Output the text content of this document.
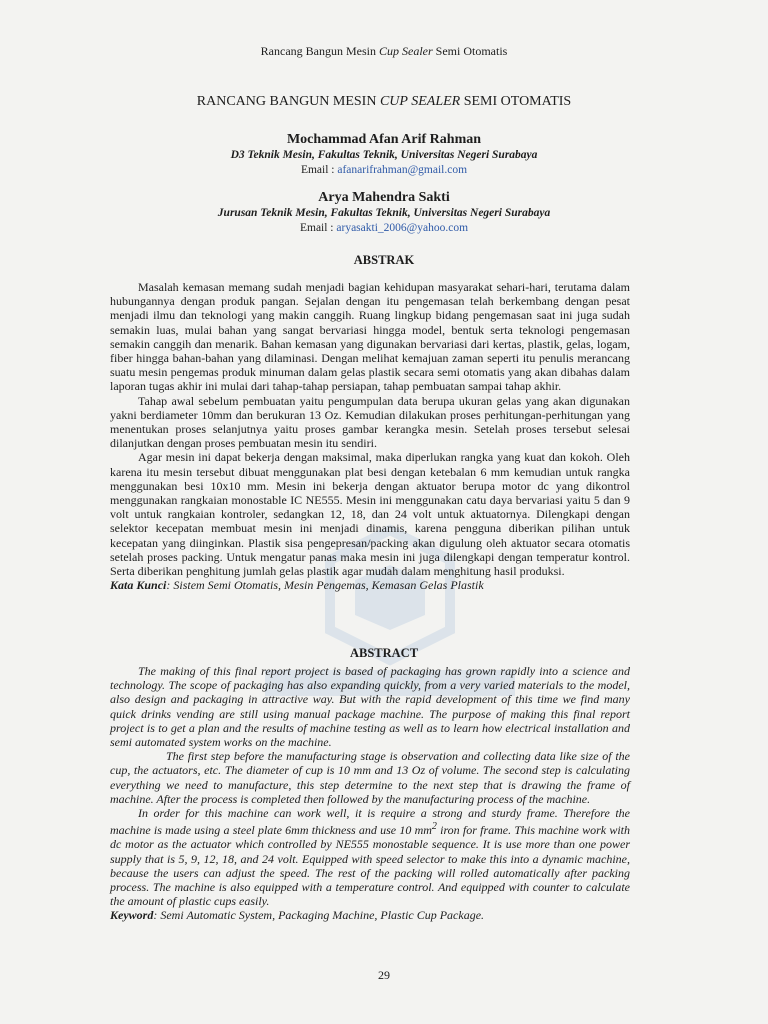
Rancang Bangun Mesin Cup Sealer Semi Otomatis
RANCANG BANGUN MESIN CUP SEALER SEMI OTOMATIS
Mochammad Afan Arif Rahman
D3 Teknik Mesin, Fakultas Teknik, Universitas Negeri Surabaya
Email : afanarifrahman@gmail.com
Arya Mahendra Sakti
Jurusan Teknik Mesin, Fakultas Teknik, Universitas Negeri Surabaya
Email : aryasakti_2006@yahoo.com
ABSTRAK

Masalah kemasan memang sudah menjadi bagian kehidupan masyarakat sehari-hari, terutama dalam hubungannya dengan produk pangan. Sejalan dengan itu pengemasan telah berkembang dengan pesat menjadi ilmu dan teknologi yang makin canggih. Ruang lingkup bidang pengemasan saat ini juga sudah semakin luas, mulai bahan yang sangat bervariasi hingga model, bentuk serta teknologi pengemasan semakin canggih dan menarik. Bahan kemasan yang digunakan bervariasi dari kertas, plastik, gelas, logam, fiber hingga bahan-bahan yang dilaminasi. Dengan melihat kemajuan zaman seperti itu penulis merancang suatu mesin pengemas produk minuman dalam gelas plastik secara semi otomatis yang akan dibahas dalam laporan tugas akhir ini mulai dari tahap-tahap persiapan, tahap pembuatan sampai tahap akhir.

Tahap awal sebelum pembuatan yaitu pengumpulan data berupa ukuran gelas yang akan digunakan yakni berdiameter 10mm dan berukuran 13 Oz. Kemudian dilakukan proses perhitungan-perhitungan yang menentukan proses selanjutnya yaitu proses gambar kerangka mesin. Setelah proses tersebut selesai dilanjutkan dengan proses pembuatan mesin itu sendiri.

Agar mesin ini dapat bekerja dengan maksimal, maka diperlukan rangka yang kuat dan kokoh. Oleh karena itu mesin tersebut dibuat menggunakan plat besi dengan ketebalan 6 mm kemudian untuk rangka menggunakan besi 10x10 mm. Mesin ini bekerja dengan aktuator berupa motor dc yang dikontrol menggunakan rangkaian monostable IC NE555. Mesin ini menggunakan catu daya bervariasi yaitu 5 dan 9 volt untuk rangkaian kontroler, sedangkan 12, 18, dan 24 volt untuk aktuatornya. Dilengkapi dengan selektor kecepatan membuat mesin ini menjadi dinamis, karena pengguna diberikan pilihan untuk kecepatan yang diinginkan. Plastik sisa pengepresan/packing akan digulung oleh aktuator secara otomatis setelah proses packing. Untuk mengatur panas maka mesin ini juga dilengkapi dengan temperatur kontrol. Serta diberikan penghitung jumlah gelas plastik agar mudah dalam menghitung hasil produksi.

Kata Kunci: Sistem Semi Otomatis, Mesin Pengemas, Kemasan Gelas Plastik

ABSTRACT

The making of this final report project is based of packaging has grown rapidly into a science and technology. The scope of packaging has also expanding quickly, from a very varied materials to the model, also design and packaging in attractive way. But with the rapid development of this time we find many quick drinks vending are still using manual package machine. The purpose of making this final report project is to get a plan and the results of machine testing as well as to learn how electrical installation and semi automated system works on the machine.

The first step before the manufacturing stage is observation and collecting data like size of the cup, the actuators, etc. The diameter of cup is 10 mm and 13 Oz of volume. The second step is calculating everything we need to manufacture, this step determine to the next step that is drawing the frame of machine. After the process is completed then followed by the manufacturing process of the machine.

In order for this machine can work well, it is require a strong and sturdy frame. Therefore the machine is made using a steel plate 6mm thickness and use 10 $mm^2$ iron for frame. This machine work with dc motor as the actuator which controlled by NE555 monostable sequence. It is use more than one power supply that is 5, 9, 12, 18, and 24 volt. Equipped with speed selector to make this into a dynamic machine, because the users can adjust the speed. The rest of the packing will rolled automatically after packing process. The machine is also equipped with a temperature control. And equipped with counter to calculate the amount of plastic cups easily.

Keyword: Semi Automatic System, Packaging Machine, Plastic Cup Package.

29
